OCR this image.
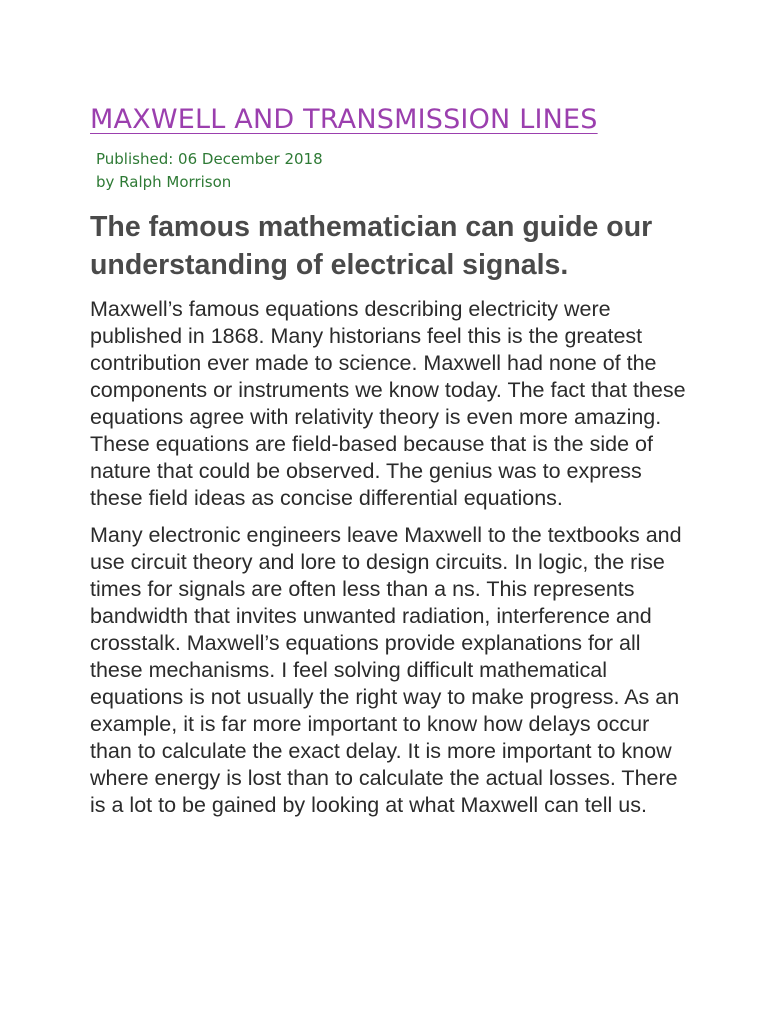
MAXWELL AND TRANSMISSION LINES
Published: 06 December 2018
by Ralph Morrison
The famous mathematician can guide our understanding of electrical signals.

Maxwell’s famous equations describing electricity were published in 1868. Many historians feel this is the greatest contribution ever made to science. Maxwell had none of the components or instruments we know today. The fact that these equations agree with relativity theory is even more amazing. These equations are field-based because that is the side of nature that could be observed. The genius was to express these field ideas as concise differential equations.

Many electronic engineers leave Maxwell to the textbooks and use circuit theory and lore to design circuits. In logic, the rise times for signals are often less than a ns. This represents bandwidth that invites unwanted radiation, interference and crosstalk. Maxwell’s equations provide explanations for all these mechanisms. I feel solving difficult mathematical equations is not usually the right way to make progress. As an example, it is far more important to know how delays occur than to calculate the exact delay. It is more important to know where energy is lost than to calculate the actual losses. There is a lot to be gained by looking at what Maxwell can tell us.
